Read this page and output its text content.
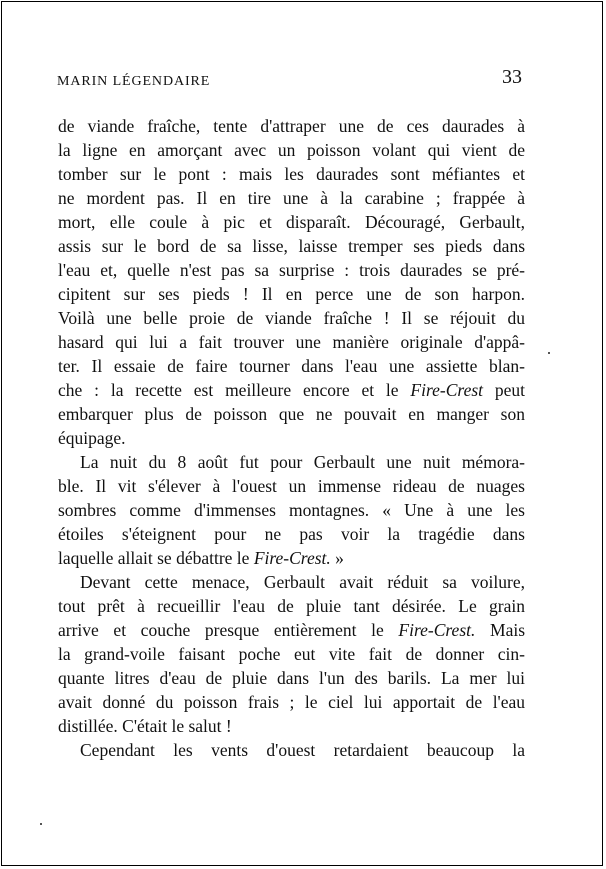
MARIN LÉGENDAIRE	33
de viande fraîche, tente d'attraper une de ces daurades à
la ligne en amorçant avec un poisson volant qui vient de
tomber sur le pont : mais les daurades sont méfiantes et
ne mordent pas. Il en tire une à la carabine ; frappée à
mort, elle coule à pic et disparaît. Découragé, Gerbault,
assis sur le bord de sa lisse, laisse tremper ses pieds dans
l'eau et, quelle n'est pas sa surprise : trois daurades se pré-
cipitent sur ses pieds ! Il en perce une de son harpon.
Voilà une belle proie de viande fraîche ! Il se réjouit du
hasard qui lui a fait trouver une manière originale d'appâ-
ter. Il essaie de faire tourner dans l'eau une assiette blan-
che : la recette est meilleure encore et le Fire-Crest peut
embarquer plus de poisson que ne pouvait en manger son
équipage.
La nuit du 8 août fut pour Gerbault une nuit mémora-
ble. Il vit s'élever à l'ouest un immense rideau de nuages
sombres comme d'immenses montagnes. « Une à une les
étoiles s'éteignent pour ne pas voir la tragédie dans
laquelle allait se débattre le Fire-Crest. »
Devant cette menace, Gerbault avait réduit sa voilure,
tout prêt à recueillir l'eau de pluie tant désirée. Le grain
arrive et couche presque entièrement le Fire-Crest. Mais
la grand-voile faisant poche eut vite fait de donner cin-
quante litres d'eau de pluie dans l'un des barils. La mer lui
avait donné du poisson frais ; le ciel lui apportait de l'eau
distillée. C'était le salut !
Cependant les vents d'ouest retardaient beaucoup la
